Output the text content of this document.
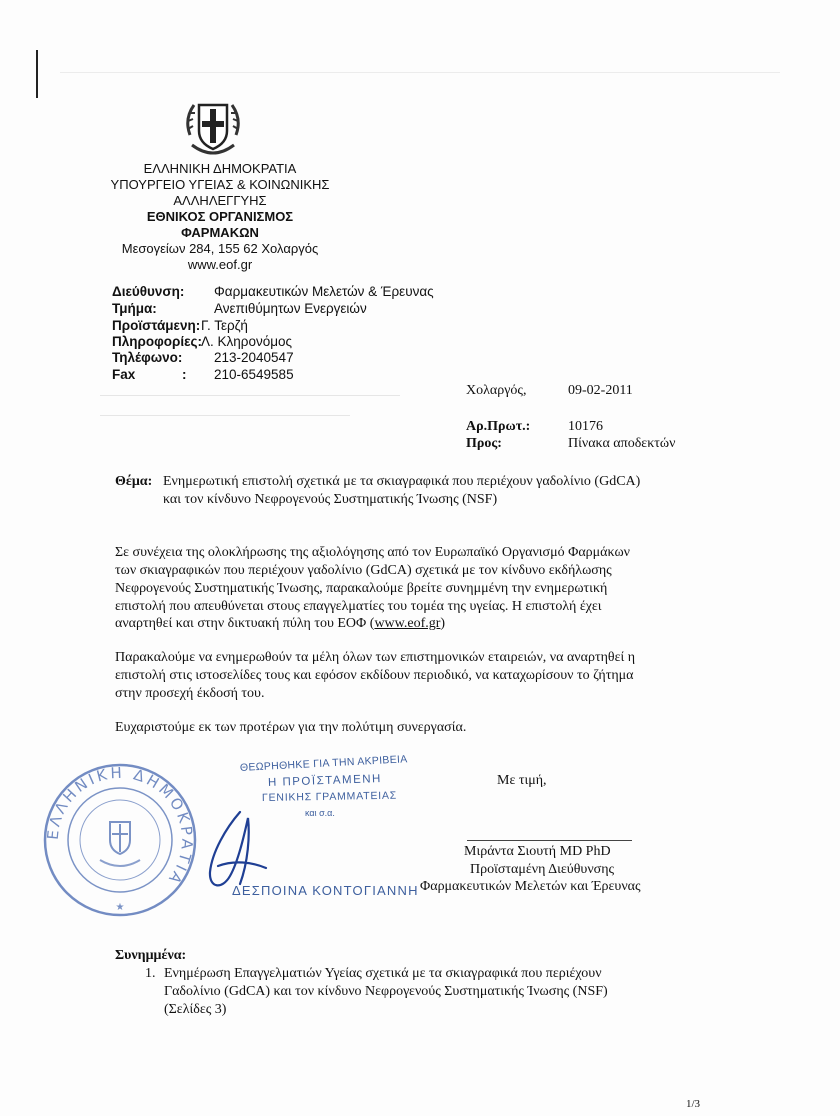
ΕΛΛΗΝΙΚΗ ΔΗΜΟΚΡΑΤΙΑ
ΥΠΟΥΡΓΕΙΟ ΥΓΕΙΑΣ & ΚΟΙΝΩΝΙΚΗΣ
ΑΛΛΗΛΕΓΓΥΗΣ
ΕΘΝΙΚΟΣ ΟΡΓΑΝΙΣΜΟΣ
ΦΑΡΜΑΚΩΝ
Μεσογείων 284, 155 62 Χολαργός
www.eof.gr
Διεύθυνση: Φαρμακευτικών Μελετών & Έρευνας
Τμήμα:	Ανεπιθύμητων Ενεργειών
Προϊστάμενη: Γ. Τερζή
Πληροφορίες:
Λ. Κληρονόμος
Τηλέφωνο: 213-2040547
Fax	: 210-6549585
Χολαργός,	09-02-2011
Αρ.Πρωτ.:	10176
Προς:	Πίνακα αποδεκτών
Θέμα: Ενημερωτική επιστολή σχετικά με τα σκιαγραφικά που περιέχουν γαδολίνιο (GdCA)
και τον κίνδυνο Νεφρογενούς Συστηματικής Ίνωσης (NSF)
Σε συνέχεια της ολοκλήρωσης της αξιολόγησης από τον Ευρωπαϊκό Οργανισμό Φαρμάκων
των σκιαγραφικών που περιέχουν γαδολίνιο (GdCA) σχετικά με τον κίνδυνο εκδήλωσης
Νεφρογενούς Συστηματικής Ίνωσης, παρακαλούμε βρείτε συνημμένη την ενημερωτική
επιστολή που απευθύνεται στους επαγγελματίες του τομέα της υγείας. Η επιστολή έχει
αναρτηθεί και στην δικτυακή πύλη του ΕΟΦ (www.eof.gr)
Παρακαλούμε να ενημερωθούν τα μέλη όλων των επιστημονικών εταιρειών, να αναρτηθεί η
επιστολή στις ιστοσελίδες τους και εφόσον εκδίδουν περιοδικό, να καταχωρίσουν το ζήτημα
στην προσεχή έκδοσή του.
Ευχαριστούμε εκ των προτέρων για την πολύτιμη συνεργασία.
ΕΛΛΗΝΙΚΗ ΔΗΜΟΚΡΑΤΙΑ
★
ΘΕΩΡΗΘΗΚΕ ΓΙΑ ΤΗΝ ΑΚΡΙΒΕΙΑ
Η ΠΡΟΪΣΤΑΜΕΝΗ
ΓΕΝΙΚΗΣ ΓΡΑΜΜΑΤΕΙΑΣ
και σ.α.
ΔΕΣΠΟΙΝΑ ΚΟΝΤΟΓΙΑΝΝΗ
Με τιμή,
Μιράντα Σιουτή MD PhD
Προϊσταμένη Διεύθυνσης
Φαρμακευτικών Μελετών και Έρευνας
Συνημμένα:
1. Ενημέρωση Επαγγελματιών Υγείας σχετικά με τα σκιαγραφικά που περιέχουν
Γαδολίνιο (GdCA) και τον κίνδυνο Νεφρογενούς Συστηματικής Ίνωσης (NSF)
(Σελίδες 3)
1/3
